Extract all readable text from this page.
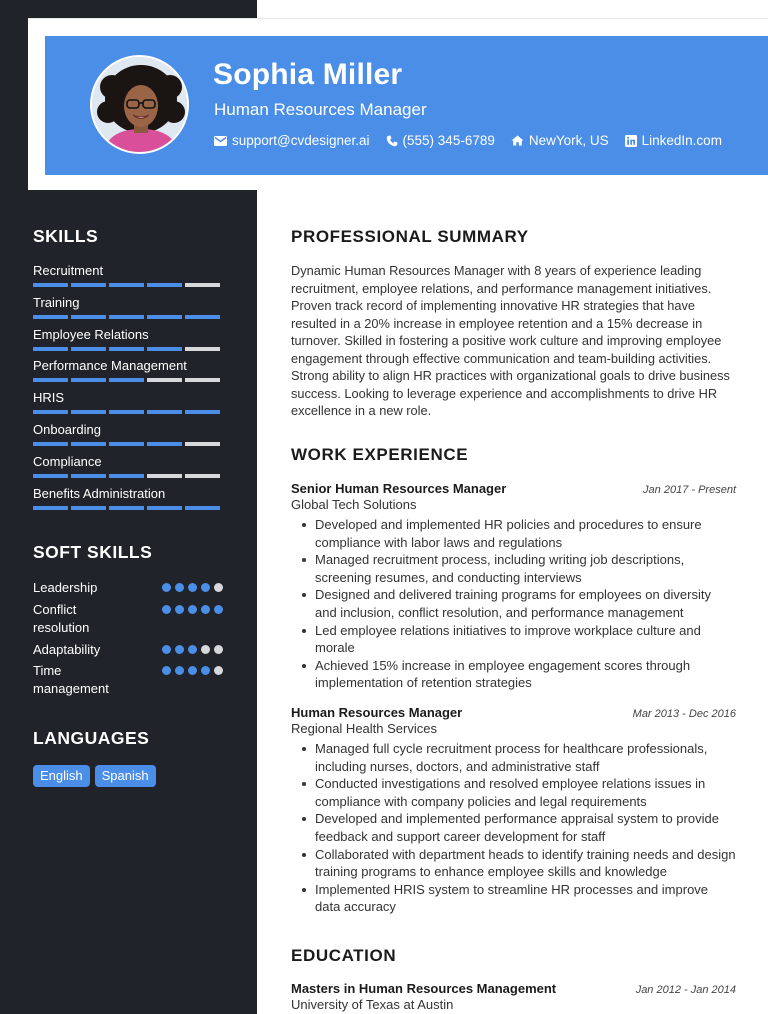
Sophia Miller
Human Resources Manager
support@cvdesigner.ai (555) 345-6789	NewYork, US LinkedIn.com
SKILLS
Recruitment
Training
Employee Relations
Performance Management
HRIS
Onboarding
Compliance
Benefits Administration
SOFT SKILLS
Leadership
Conflict resolution
Adaptability
Time management
LANGUAGES
English	Spanish
PROFESSIONAL SUMMARY
Dynamic Human Resources Manager with 8 years of experience leading recruitment, employee relations, and performance management initiatives. Proven track record of implementing innovative HR strategies that have resulted in a 20% increase in employee retention and a 15% decrease in turnover. Skilled in fostering a positive work culture and improving employee engagement through effective communication and team-building activities. Strong ability to align HR practices with organizational goals to drive business success. Looking to leverage experience and accomplishments to drive HR excellence in a new role.
WORK EXPERIENCE
Senior Human Resources Manager	Jan 2017 - Present
Global Tech Solutions
Developed and implemented HR policies and procedures to ensure compliance with labor laws and regulations
Managed recruitment process, including writing job descriptions, screening resumes, and conducting interviews
Designed and delivered training programs for employees on diversity and inclusion, conflict resolution, and performance management
Led employee relations initiatives to improve workplace culture and morale
Achieved 15% increase in employee engagement scores through implementation of retention strategies
Human Resources Manager	Mar 2013 - Dec 2016
Regional Health Services
Managed full cycle recruitment process for healthcare professionals, including nurses, doctors, and administrative staff
Conducted investigations and resolved employee relations issues in compliance with company policies and legal requirements
Developed and implemented performance appraisal system to provide feedback and support career development for staff
Collaborated with department heads to identify training needs and design training programs to enhance employee skills and knowledge
Implemented HRIS system to streamline HR processes and improve data accuracy
EDUCATION
Masters in Human Resources Management	Jan 2012 - Jan 2014
University of Texas at Austin
